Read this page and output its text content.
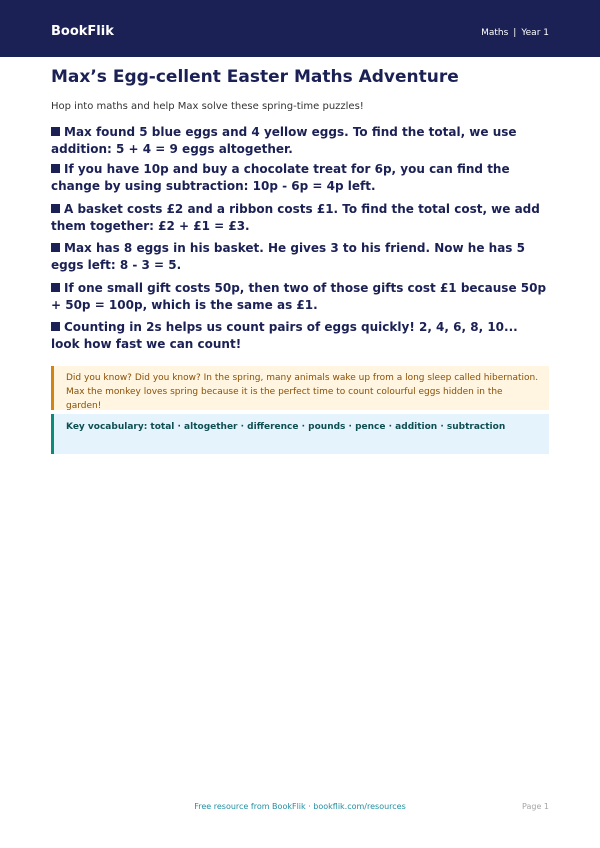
BookFlik	Maths | Year 1
Max’s Egg-cellent Easter Maths Adventure

Hop into maths and help Max solve these spring-time puzzles!

Max found 5 blue eggs and 4 yellow eggs. To find the total, we use addition: 5 + 4 = 9 eggs altogether.

If you have 10p and buy a chocolate treat for 6p, you can find the change by using subtraction: 10p - 6p = 4p left.

A basket costs £2 and a ribbon costs £1. To find the total cost, we add them together: £2 + £1 = £3.

Max has 8 eggs in his basket. He gives 3 to his friend. Now he has 5 eggs left: 8 - 3 = 5.

If one small gift costs 50p, then two of those gifts cost £1 because 50p + 50p = 100p, which is the same as £1.

Counting in 2s helps us count pairs of eggs quickly! 2, 4, 6, 8, 10... look how fast we can count!

Did you know? Did you know? In the spring, many animals wake up from a long sleep called hibernation. Max the monkey loves spring because it is the perfect time to count colourful eggs hidden in the garden!
Key vocabulary: total · altogether · difference · pounds · pence · addition · subtraction
Free resource from BookFlik · bookflik.com/resources	Page 1
